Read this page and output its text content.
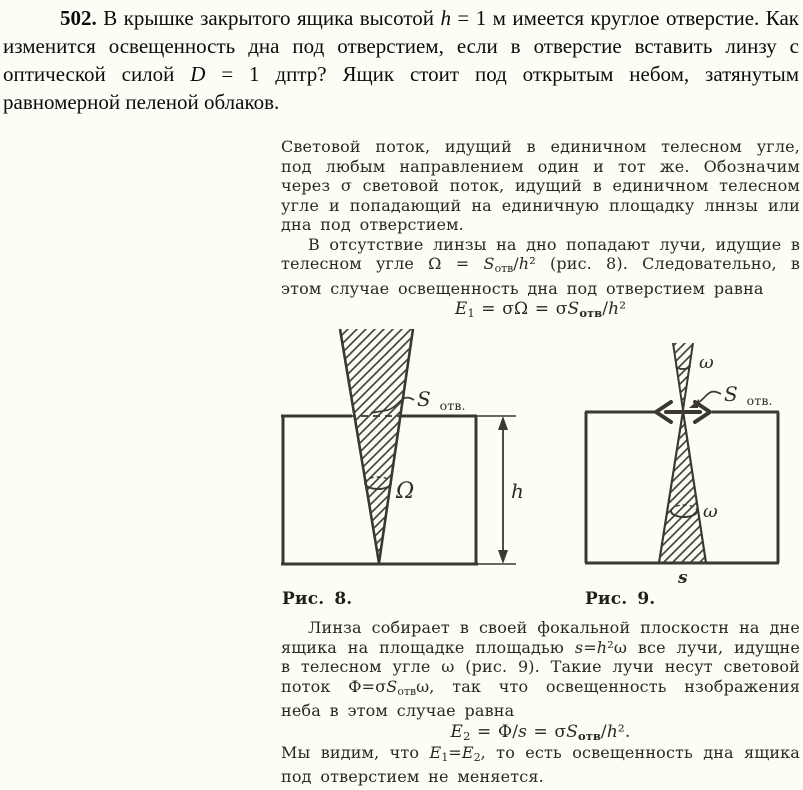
502. В крышке закрытого ящика высотой h = 1 м имеется круглое отверстие. Как изменится освещенность дна под отверстием, если в отверстие вставить линзу с оптической силой D = 1 дптр? Ящик стоит под открытым небом, затянутым равномерной пеленой облаков.

Световой поток, идущий в единичном телесном угле, под любым направлением один и тот же. Обозначим через σ световой поток, идущий в единичном телесном угле и попадающий на единичную площадку лннзы или дна под отверстием.

В отсутствие линзы на дно попадают лучи, идущие в телесном угле Ω = Sотв/h² (рис. 8). Следовательно, в этом случае освещенность дна под отверстием равна

E1 = σΩ = σSотв/h²

Ω
S $_{отв.}$
h
ω
S $_{отв.}$
ω
s
Рис. 8.	Рис. 9.

Линза собирает в своей фокальной плоскостн на дне ящика на площадке площадью s=h²ω все лучи, идущне в телесном угле ω (рис. 9). Такие лучи несут световой поток Ф=σSотвω, так что освещенность нзображения неба в этом случае равна

E2 = Ф/s = σSотв/h².

Мы видим, что E1=E2, то есть освещенность дна ящика под отверстием не меняется.
